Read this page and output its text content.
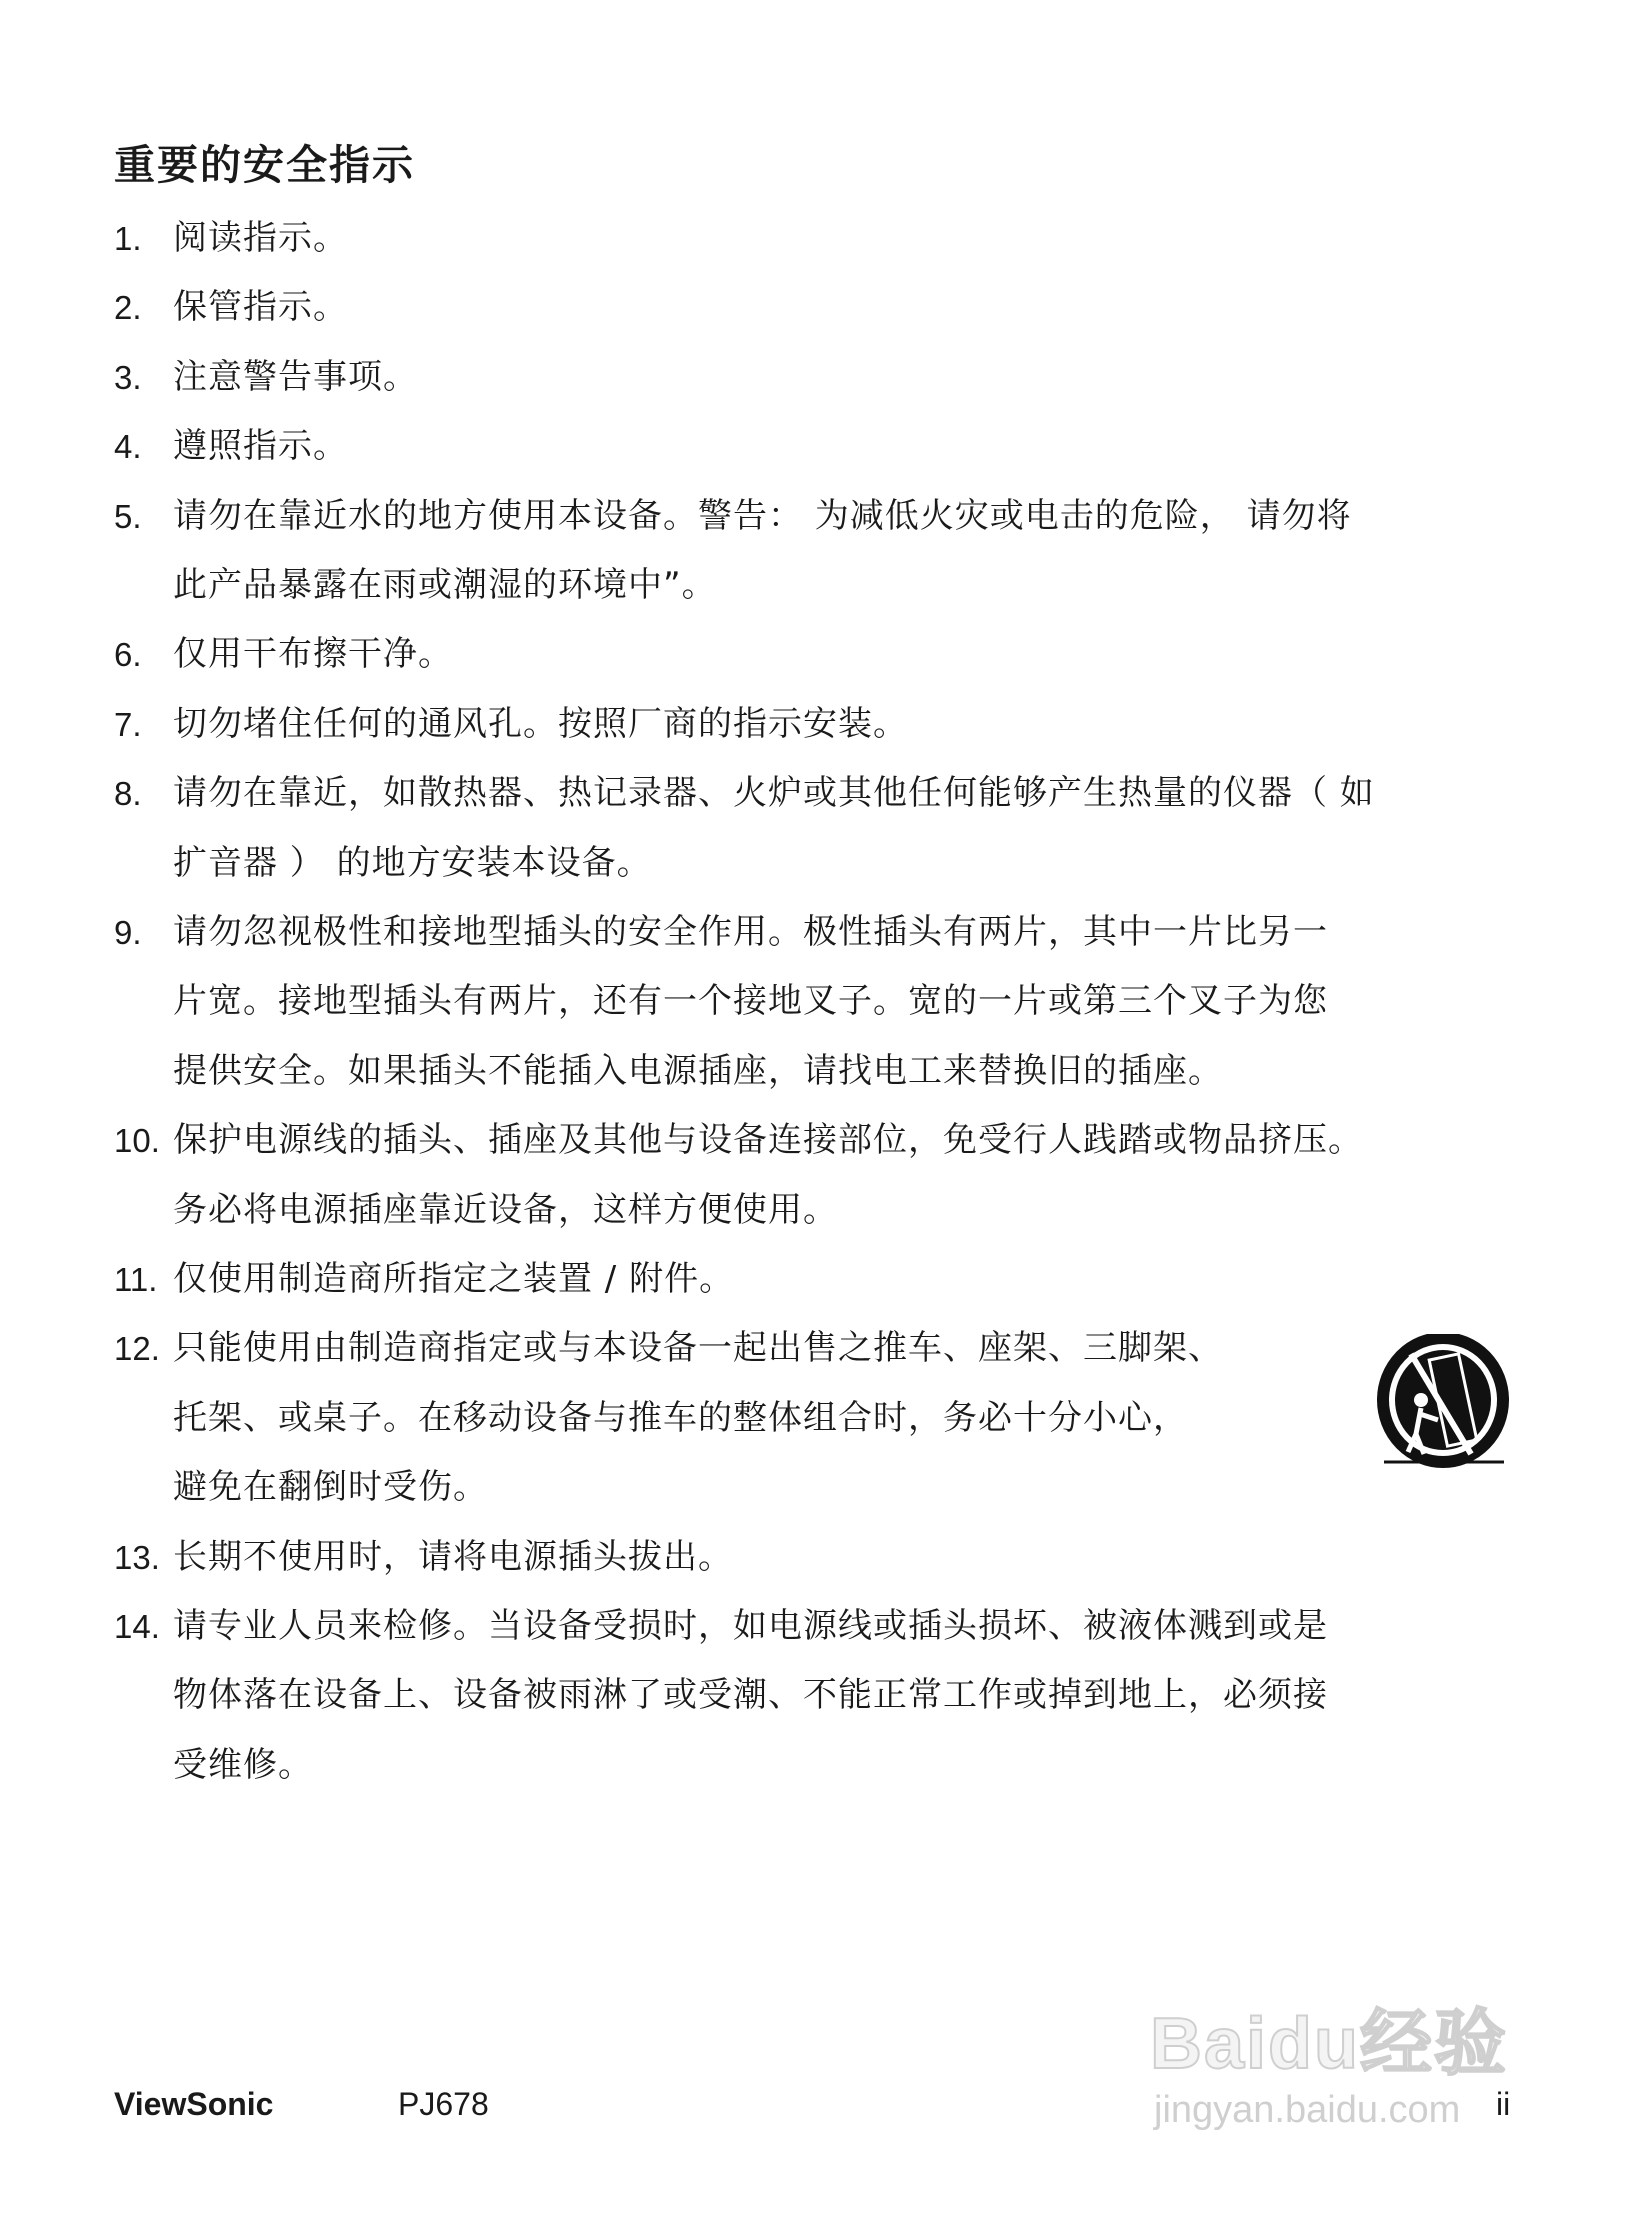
重要的安全指示
1. 阅读指示。
2. 保管指示。
3. 注意警告事项。
4. 遵照指示。
5. 请勿在靠近水的地方使用本设备。警告： 为减低火灾或电击的危险， 请勿将
此产品暴露在雨或潮湿的环境中”。
6. 仅用干布擦干净。
7. 切勿堵住任何的通风孔。按照厂商的指示安装。
8. 请勿在靠近，如散热器、热记录器、火炉或其他任何能够产生热量的仪器（ 如
扩音器 ） 的地方安装本设备。
9. 请勿忽视极性和接地型插头的安全作用。极性插头有两片，其中一片比另一
片宽。接地型插头有两片，还有一个接地叉子。宽的一片或第三个叉子为您
提供安全。如果插头不能插入电源插座，请找电工来替换旧的插座。
10. 保护电源线的插头、插座及其他与设备连接部位，免受行人践踏或物品挤压。
务必将电源插座靠近设备，这样方便使用。
11. 仅使用制造商所指定之装置 / 附件。
12. 只能使用由制造商指定或与本设备一起出售之推车、座架、三脚架、
托架、或桌子。在移动设备与推车的整体组合时，务必十分小心，
避免在翻倒时受伤。
13. 长期不使用时，请将电源插头拔出。
14. 请专业人员来检修。当设备受损时，如电源线或插头损坏、被液体溅到或是
物体落在设备上、设备被雨淋了或受潮、不能正常工作或掉到地上，必须接
受维修。
Baidu经验
jingyan.baidu.com
ViewSonic	PJ678	ii
